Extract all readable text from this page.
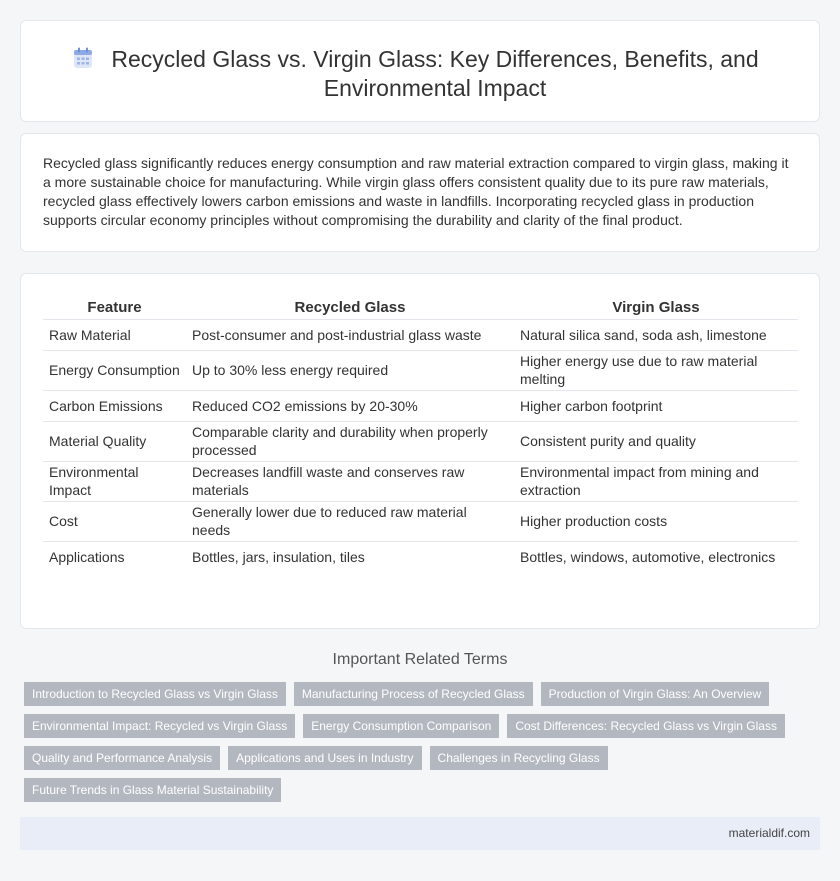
Recycled Glass vs. Virgin Glass: Key Differences, Benefits, and Environmental Impact

Recycled glass significantly reduces energy consumption and raw material extraction compared to virgin glass, making it a more sustainable choice for manufacturing. While virgin glass offers consistent quality due to its pure raw materials, recycled glass effectively lowers carbon emissions and waste in landfills. Incorporating recycled glass in production supports circular economy principles without compromising the durability and clarity of the final product.

Feature	Recycled Glass	Virgin Glass
Raw Material	Post-consumer and post-industrial glass waste	Natural silica sand, soda ash, limestone
Energy Consumption	Up to 30% less energy required	Higher energy use due to raw material melting
Carbon Emissions	Reduced CO2 emissions by 20-30%	Higher carbon footprint
Material Quality	Comparable clarity and durability when properly processed	Consistent purity and quality
Environmental Impact	Decreases landfill waste and conserves raw materials	Environmental impact from mining and extraction
Cost	Generally lower due to reduced raw material needs	Higher production costs
Applications	Bottles, jars, insulation, tiles	Bottles, windows, automotive, electronics
Important Related Terms
Introduction to Recycled Glass vs Virgin Glass	Manufacturing Process of Recycled Glass	Production of Virgin Glass: An Overview
Environmental Impact: Recycled vs Virgin Glass	Energy Consumption Comparison	Cost Differences: Recycled Glass vs Virgin Glass
Quality and Performance Analysis	Applications and Uses in Industry	Challenges in Recycling Glass
Future Trends in Glass Material Sustainability
materialdif.com
